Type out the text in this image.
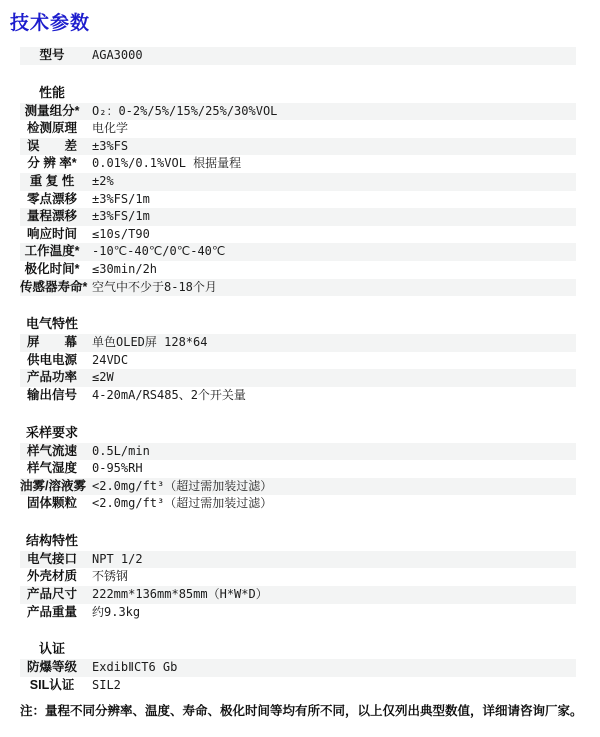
技术参数
型号	AGA3000
性能
测量组分*	O₂：0-2%/5%/15%/25%/30%VOL
检测原理	电化学
误　　差	±3%FS
分 辨 率*	0.01%/0.1%VOL 根据量程
重 复 性	±2%
零点漂移	±3%FS/1m
量程漂移	±3%FS/1m
响应时间	≤10s/T90
工作温度*	-10℃-40℃/0℃-40℃
极化时间*	≤30min/2h
传感器寿命* 空气中不少于8-18个月
电气特性
屏　　幕	单色OLED屏 128*64
供电电源	24VDC
产品功率	≤2W
输出信号	4-20mA/RS485、2个开关量
采样要求
样气流速	0.5L/min
样气湿度	0-95%RH
油雾/溶液雾 <2.0mg/ft³（超过需加装过滤）
固体颗粒	<2.0mg/ft³（超过需加装过滤）
结构特性
电气接口	NPT 1/2
外壳材质	不锈钢
产品尺寸	222mm*136mm*85mm（H*W*D）
产品重量	约9.3kg
认证
防爆等级	ExdibⅡCT6 Gb
SIL认证	SIL2
注：量程不同分辨率、温度、寿命、极化时间等均有所不同，以上仅列出典型数值，详细请咨询厂家。
